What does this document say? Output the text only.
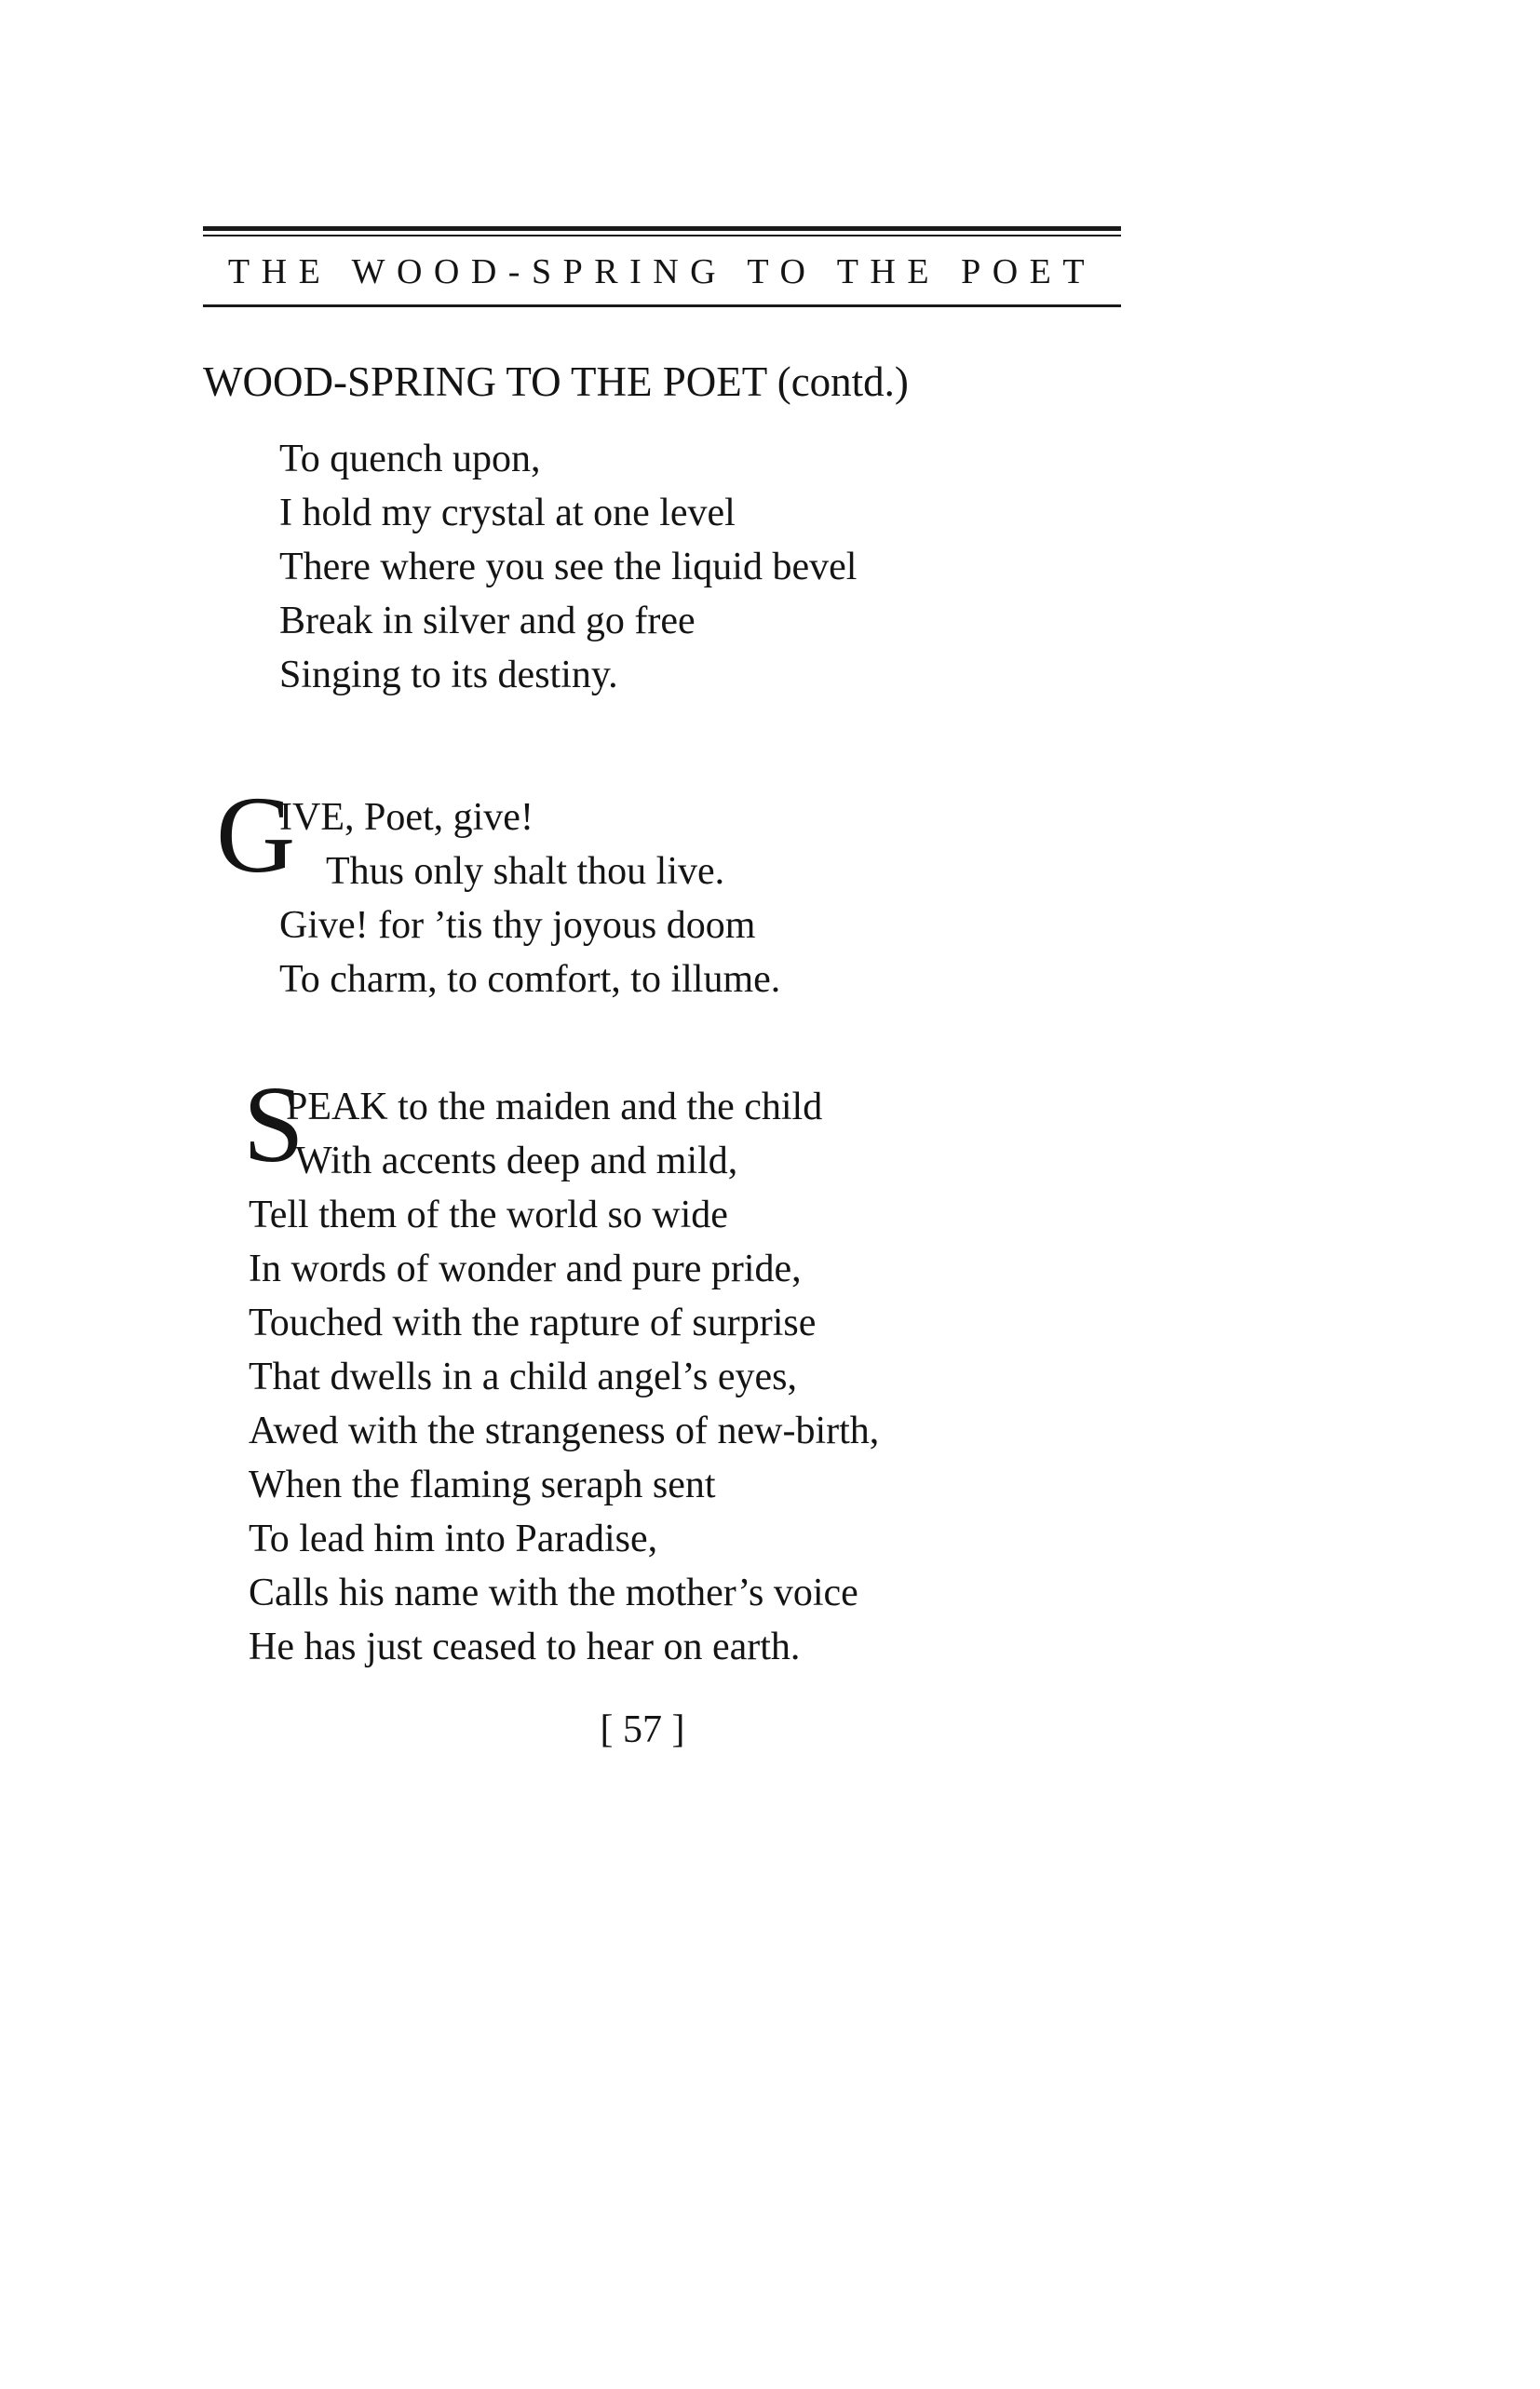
THE WOOD-SPRING TO THE POET
WOOD-SPRING TO THE POET (contd.)
To quench upon,
I hold my crystal at one level
There where you see the liquid bevel
Break in silver and go free
Singing to its destiny.
G
IVE, Poet, give!
Thus only shalt thou live.
Give! for ’tis thy joyous doom
To charm, to comfort, to illume.
S
PEAK to the maiden and the child
With accents deep and mild,
Tell them of the world so wide
In words of wonder and pure pride,
Touched with the rapture of surprise
That dwells in a child angel’s eyes,
Awed with the strangeness of new-birth,
When the flaming seraph sent
To lead him into Paradise,
Calls his name with the mother’s voice
He has just ceased to hear on earth.
[ 57 ]
